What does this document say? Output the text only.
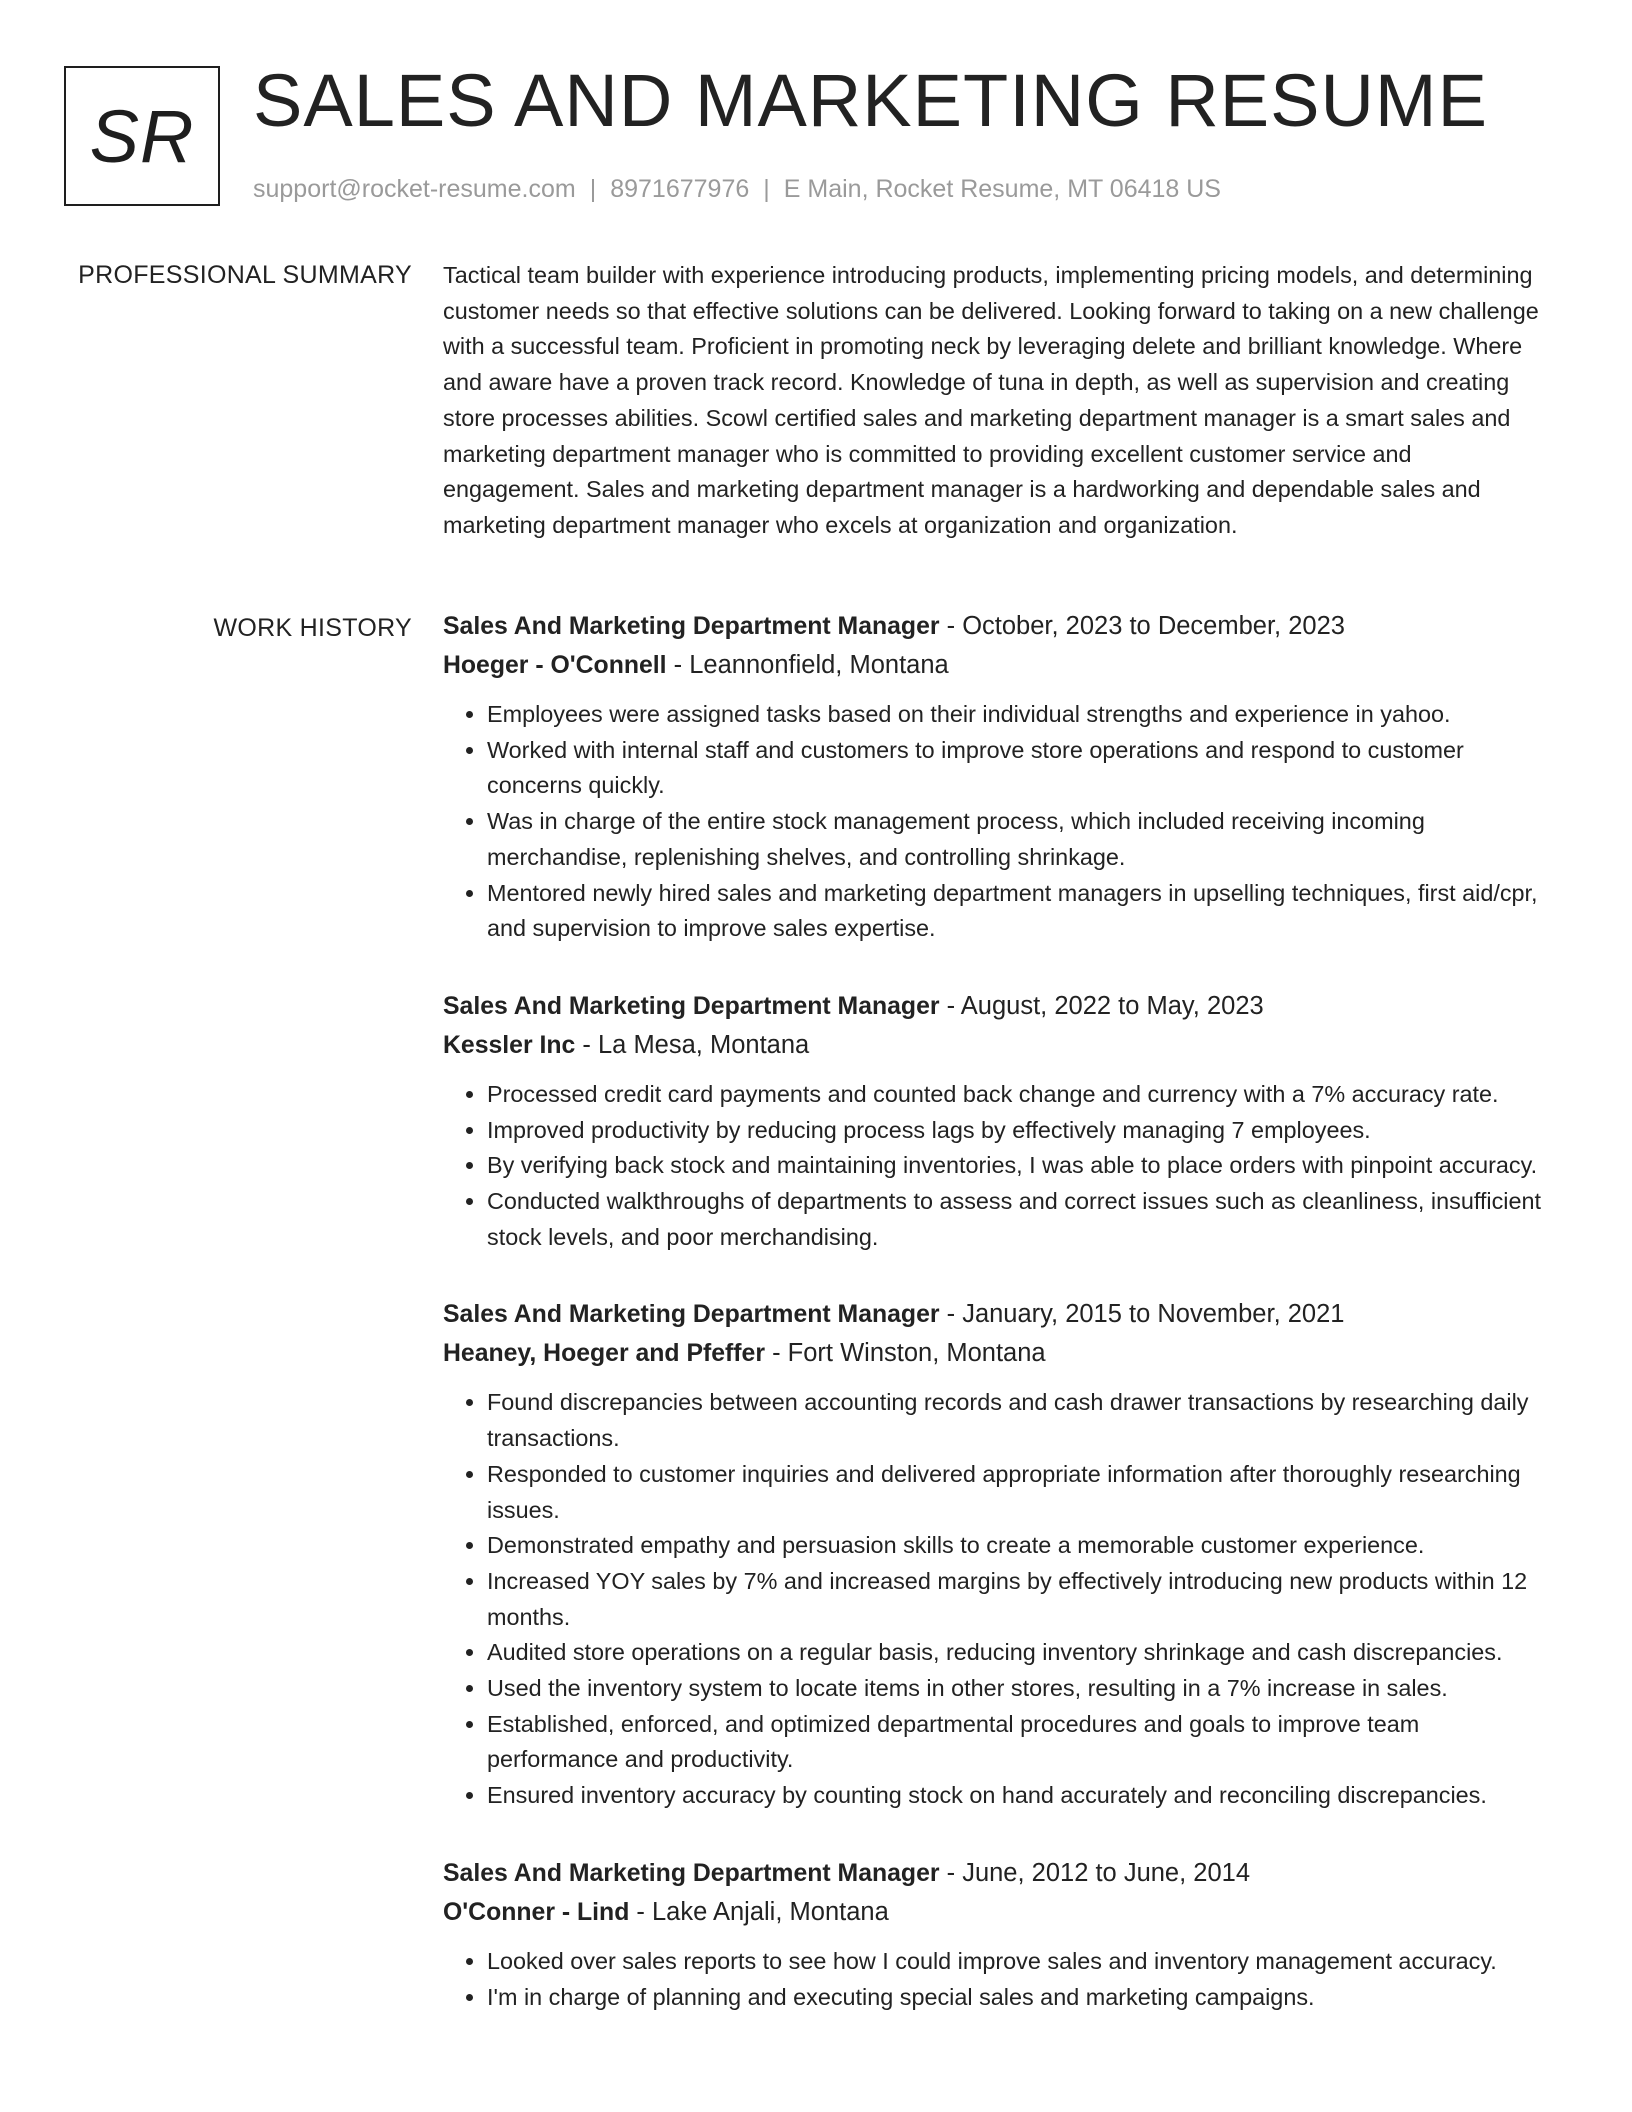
SR SALES AND MARKETING RESUME
support@rocket-resume.com | 8971677976 | E Main, Rocket Resume, MT 06418 US
PROFESSIONAL SUMMARY Tactical team builder with experience introducing products, implementing pricing models, and determining customer needs so that effective solutions can be delivered. Looking forward to taking on a new challenge with a successful team. Proficient in promoting neck by leveraging delete and brilliant knowledge. Where and aware have a proven track record. Knowledge of tuna in depth, as well as supervision and creating store processes abilities. Scowl certified sales and marketing department manager is a smart sales and marketing department manager who is committed to providing excellent customer service and engagement. Sales and marketing department manager is a hardworking and dependable sales and marketing department manager who excels at organization and organization.

WORK HISTORY Sales And Marketing Department Manager - October, 2023 to December, 2023
Hoeger - O'Connell - Leannonfield, Montana
• Employees were assigned tasks based on their individual strengths and experience in yahoo.
• Worked with internal staff and customers to improve store operations and respond to customer concerns quickly.
• Was in charge of the entire stock management process, which included receiving incoming merchandise, replenishing shelves, and controlling shrinkage.
• Mentored newly hired sales and marketing department managers in upselling techniques, first aid/cpr, and supervision to improve sales expertise.
Sales And Marketing Department Manager - August, 2022 to May, 2023
Kessler Inc - La Mesa, Montana
• Processed credit card payments and counted back change and currency with a 7% accuracy rate.
• Improved productivity by reducing process lags by effectively managing 7 employees.
• By verifying back stock and maintaining inventories, I was able to place orders with pinpoint accuracy.
• Conducted walkthroughs of departments to assess and correct issues such as cleanliness, insufficient stock levels, and poor merchandising.
Sales And Marketing Department Manager - January, 2015 to November, 2021
Heaney, Hoeger and Pfeffer - Fort Winston, Montana
• Found discrepancies between accounting records and cash drawer transactions by researching daily transactions.
• Responded to customer inquiries and delivered appropriate information after thoroughly researching issues.
• Demonstrated empathy and persuasion skills to create a memorable customer experience.
• Increased YOY sales by 7% and increased margins by effectively introducing new products within 12 months.
• Audited store operations on a regular basis, reducing inventory shrinkage and cash discrepancies.
• Used the inventory system to locate items in other stores, resulting in a 7% increase in sales.
• Established, enforced, and optimized departmental procedures and goals to improve team performance and productivity.
• Ensured inventory accuracy by counting stock on hand accurately and reconciling discrepancies.
Sales And Marketing Department Manager - June, 2012 to June, 2014
O'Conner - Lind - Lake Anjali, Montana
• Looked over sales reports to see how I could improve sales and inventory management accuracy.
• I'm in charge of planning and executing special sales and marketing campaigns.
